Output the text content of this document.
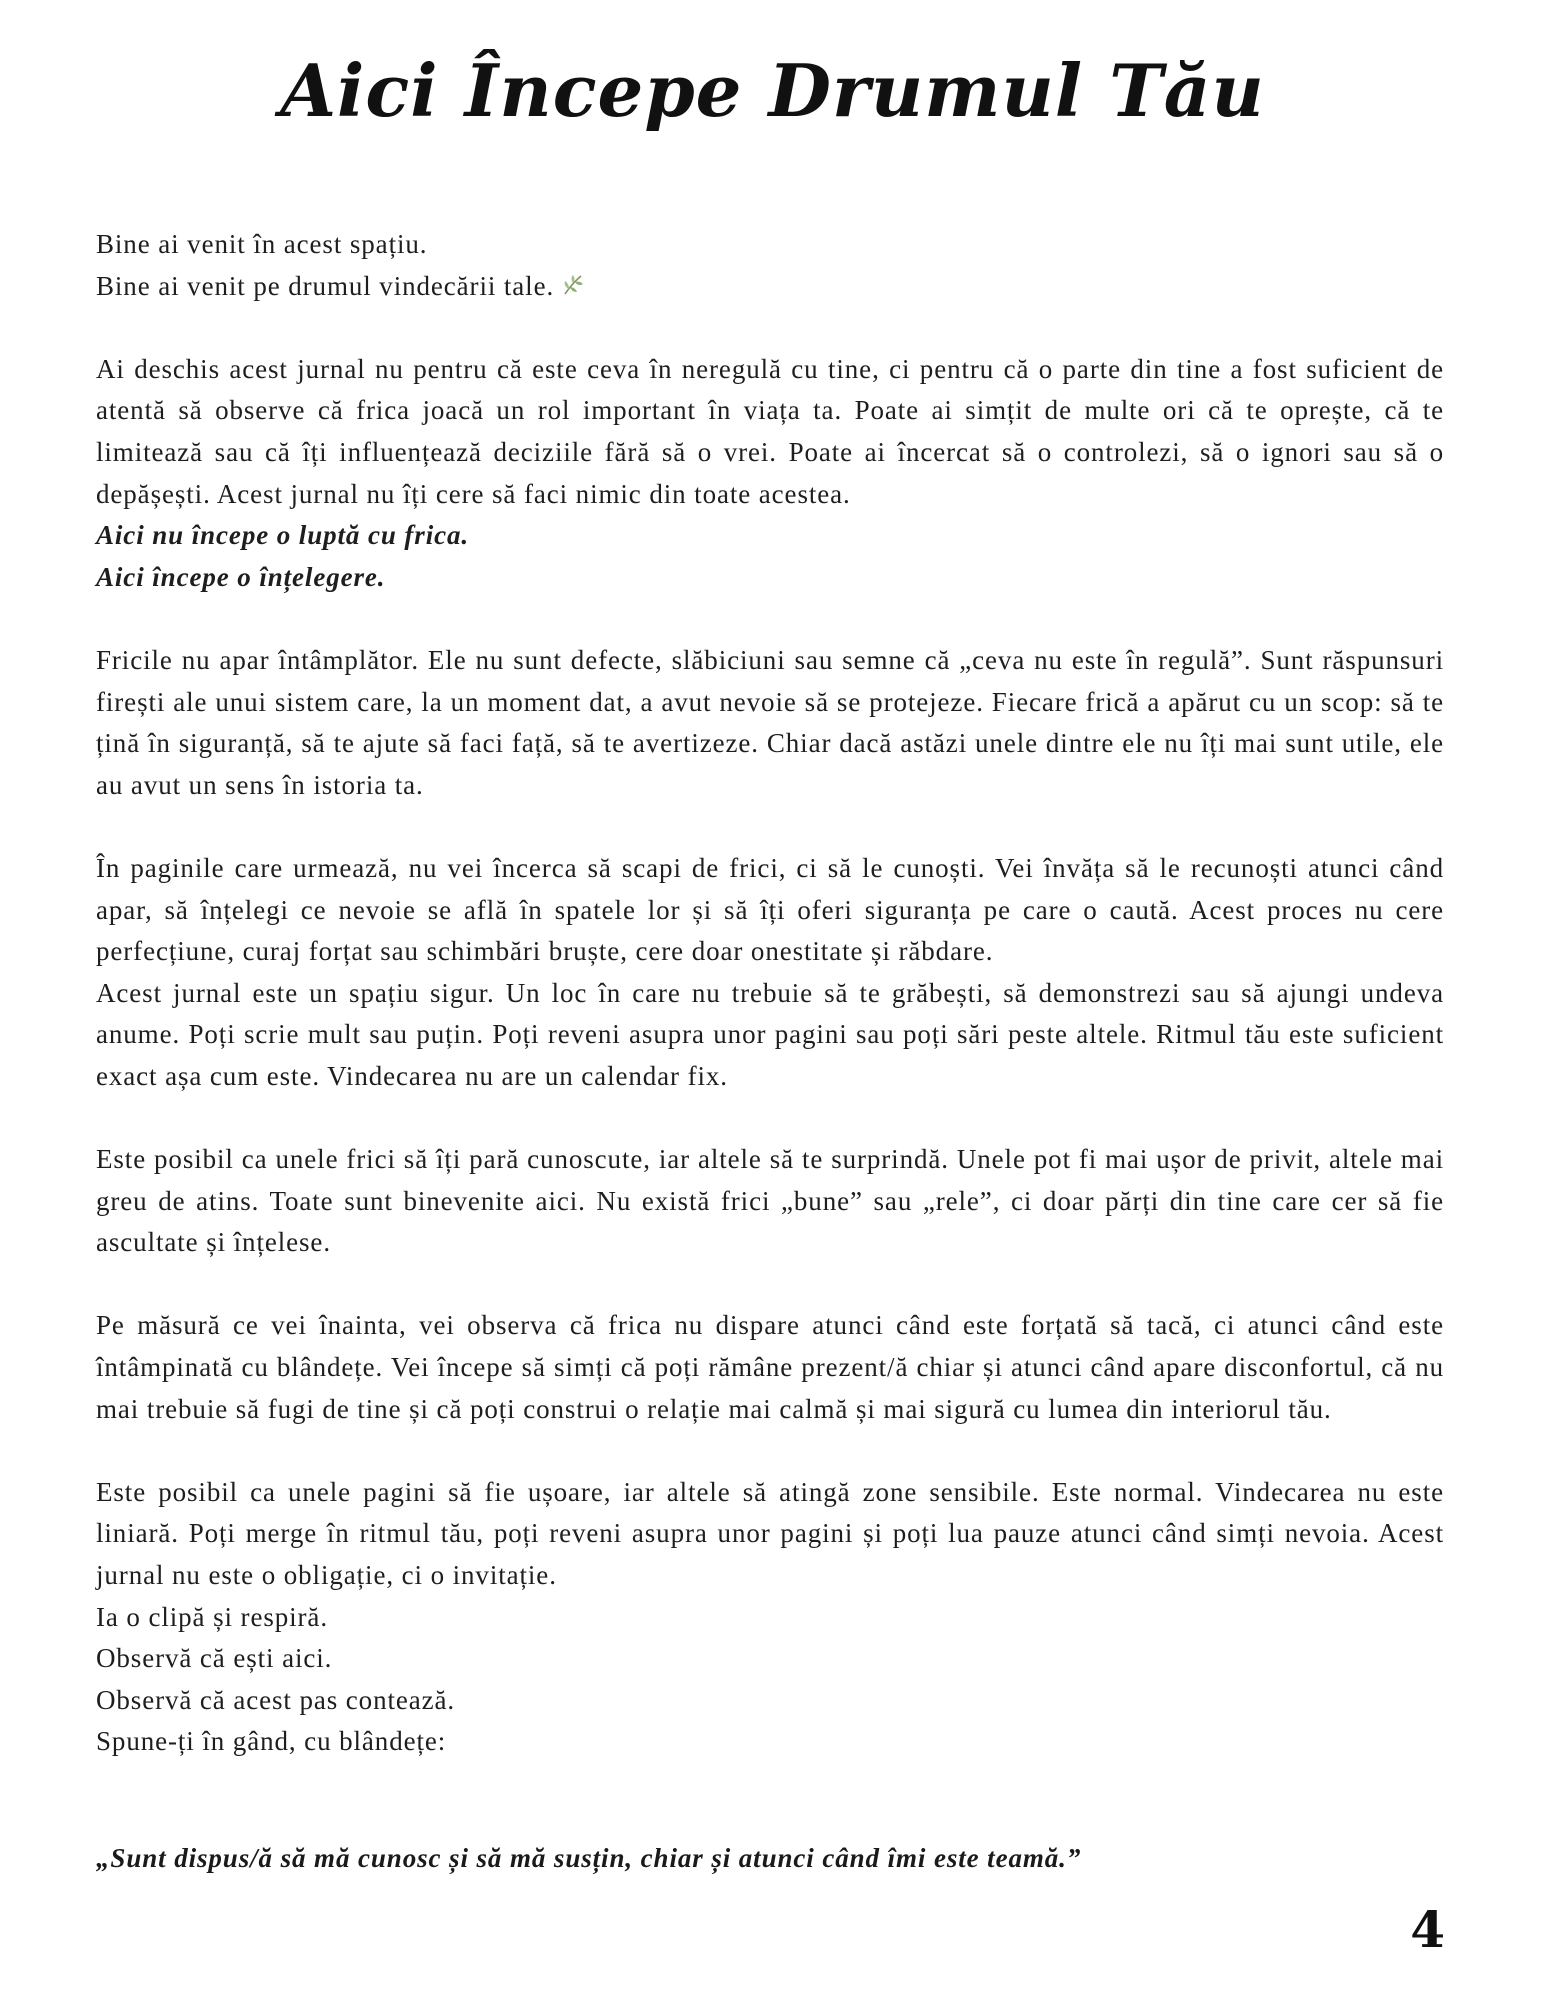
Aici Începe Drumul Tău
Bine ai venit în acest spațiu.
Bine ai venit pe drumul vindecării tale.
Ai deschis acest jurnal nu pentru că este ceva în neregulă cu tine, ci pentru că o parte din tine a fost suficient de atentă să observe că frica joacă un rol important în viața ta. Poate ai simțit de multe ori că te oprește, că te limitează sau că îți influențează deciziile fără să o vrei. Poate ai încercat să o controlezi, să o ignori sau să o depășești. Acest jurnal nu îți cere să faci nimic din toate acestea.
Aici nu începe o luptă cu frica.
Aici începe o înțelegere.
Fricile nu apar întâmplător. Ele nu sunt defecte, slăbiciuni sau semne că „ceva nu este în regulă”. Sunt răspunsuri firești ale unui sistem care, la un moment dat, a avut nevoie să se protejeze. Fiecare frică a apărut cu un scop: să te țină în siguranță, să te ajute să faci față, să te avertizeze. Chiar dacă astăzi unele dintre ele nu îți mai sunt utile, ele au avut un sens în istoria ta.
În paginile care urmează, nu vei încerca să scapi de frici, ci să le cunoști. Vei învăța să le recunoști atunci când apar, să înțelegi ce nevoie se află în spatele lor și să îți oferi siguranța pe care o caută. Acest proces nu cere perfecțiune, curaj forțat sau schimbări bruște, cere doar onestitate și răbdare.
Acest jurnal este un spațiu sigur. Un loc în care nu trebuie să te grăbești, să demonstrezi sau să ajungi undeva anume. Poți scrie mult sau puțin. Poți reveni asupra unor pagini sau poți sări peste altele. Ritmul tău este suficient exact așa cum este. Vindecarea nu are un calendar fix.
Este posibil ca unele frici să îți pară cunoscute, iar altele să te surprindă. Unele pot fi mai ușor de privit, altele mai greu de atins. Toate sunt binevenite aici. Nu există frici „bune” sau „rele”, ci doar părți din tine care cer să fie ascultate și înțelese.
Pe măsură ce vei înainta, vei observa că frica nu dispare atunci când este forțată să tacă, ci atunci când este întâmpinată cu blândețe. Vei începe să simți că poți rămâne prezent/ă chiar și atunci când apare disconfortul, că nu mai trebuie să fugi de tine și că poți construi o relație mai calmă și mai sigură cu lumea din interiorul tău.
Este posibil ca unele pagini să fie ușoare, iar altele să atingă zone sensibile. Este normal. Vindecarea nu este liniară. Poți merge în ritmul tău, poți reveni asupra unor pagini și poți lua pauze atunci când simți nevoia. Acest jurnal nu este o obligație, ci o invitație.
Ia o clipă și respiră.
Observă că ești aici.
Observă că acest pas contează.
Spune-ți în gând, cu blândețe:

„Sunt dispus/ă să mă cunosc și să mă susțin, chiar și atunci când îmi este teamă.”

4
